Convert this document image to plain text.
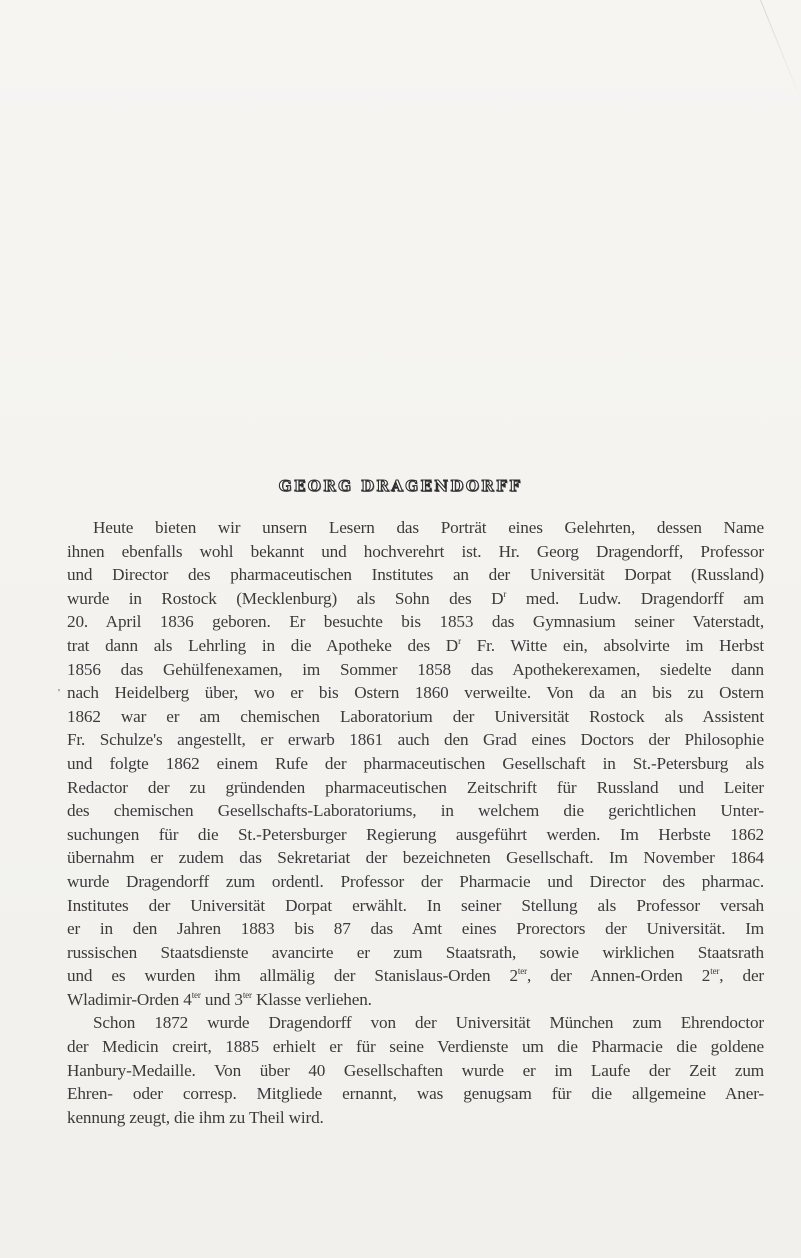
GEORG DRAGENDORFF
'

Heute bieten wir unsern Lesern das Porträt eines Gelehrten, dessen Name

ihnen ebenfalls wohl bekannt und hochverehrt ist. Hr. Georg Dragendorff, Professor

und Director des pharmaceutischen Institutes an der Universität Dorpat (Russland)

wurde in Rostock (Mecklenburg) als Sohn des $D^r$ med. Ludw. Dragendorff am

20. April 1836 geboren. Er besuchte bis 1853 das Gymnasium seiner Vaterstadt,

trat dann als Lehrling in die Apotheke des $D^r$ Fr. Witte ein, absolvirte im Herbst

1856 das Gehülfenexamen, im Sommer 1858 das Apothekerexamen, siedelte dann

nach Heidelberg über, wo er bis Ostern 1860 verweilte. Von da an bis zu Ostern

1862 war er am chemischen Laboratorium der Universität Rostock als Assistent

Fr. Schulze's angestellt, er erwarb 1861 auch den Grad eines Doctors der Philosophie

und folgte 1862 einem Rufe der pharmaceutischen Gesellschaft in St.-Petersburg als

Redactor der zu gründenden pharmaceutischen Zeitschrift für Russland und Leiter

des chemischen Gesellschafts-Laboratoriums, in welchem die gerichtlichen Unter-

suchungen für die St.-Petersburger Regierung ausgeführt werden. Im Herbste 1862

übernahm er zudem das Sekretariat der bezeichneten Gesellschaft. Im November 1864

wurde Dragendorff zum ordentl. Professor der Pharmacie und Director des pharmac.

Institutes der Universität Dorpat erwählt. In seiner Stellung als Professor versah

er in den Jahren 1883 bis 87 das Amt eines Prorectors der Universität. Im

russischen Staatsdienste avancirte er zum Staatsrath, sowie wirklichen Staatsrath

und es wurden ihm allmälig der Stanislaus-Orden $2^{ter}$, der Annen-Orden $2^{ter}$, der

Wladimir-Orden $4^{ter}$ und $3^{ter}$ Klasse verliehen.

Schon 1872 wurde Dragendorff von der Universität München zum Ehrendoctor

der Medicin creirt, 1885 erhielt er für seine Verdienste um die Pharmacie die goldene

Hanbury-Medaille. Von über 40 Gesellschaften wurde er im Laufe der Zeit zum

Ehren- oder corresp. Mitgliede ernannt, was genugsam für die allgemeine Aner-

kennung zeugt, die ihm zu Theil wird.
